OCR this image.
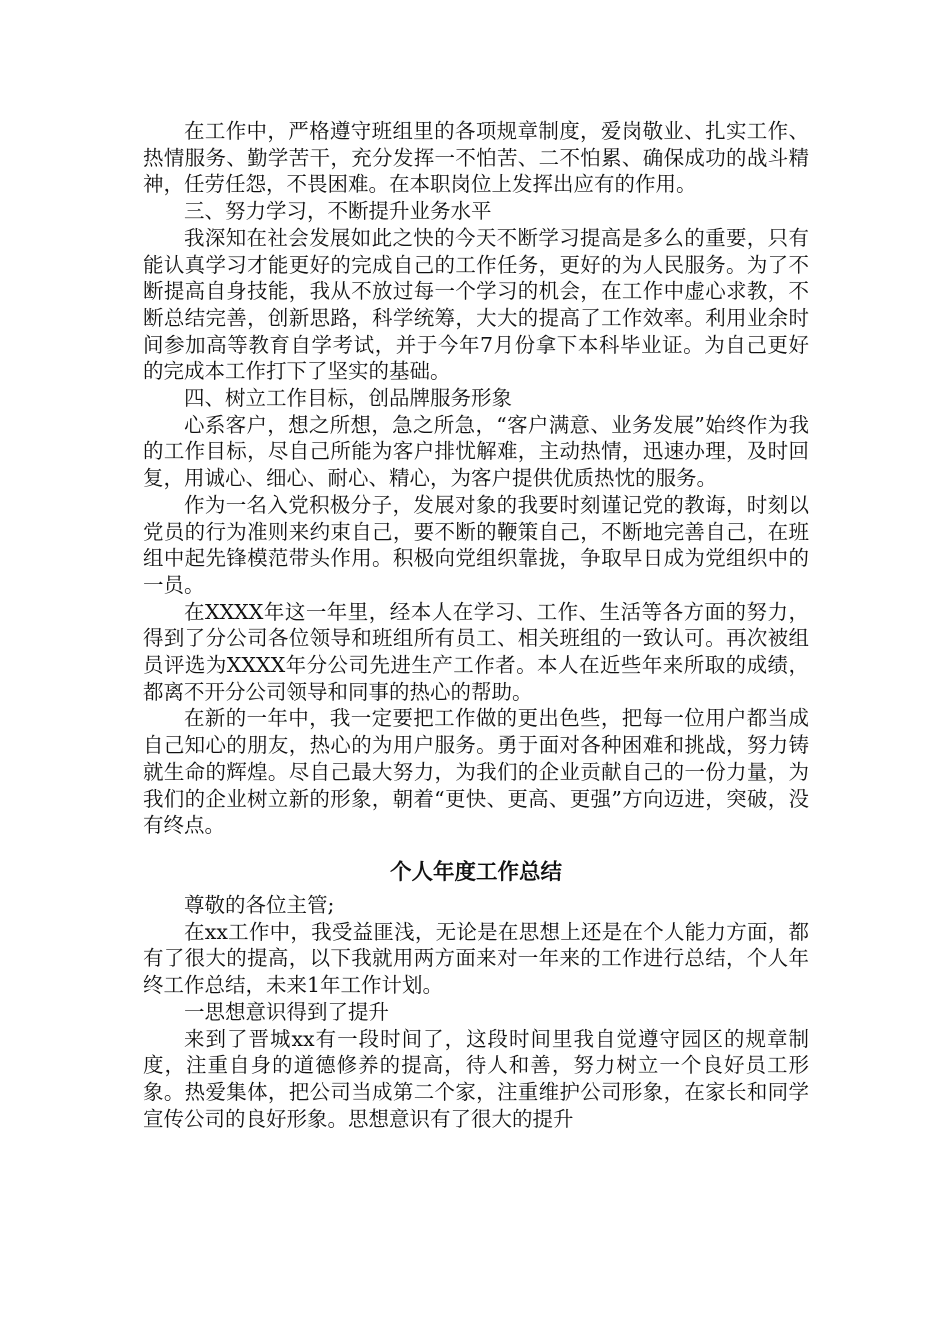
在工作中，严格遵守班组里的各项规章制度，爱岗敬业、扎实工作、热情服务、勤学苦干，充分发挥一不怕苦、二不怕累、确保成功的战斗精神，任劳任怨，不畏困难。在本职岗位上发挥出应有的作用。

三、努力学习，不断提升业务水平

我深知在社会发展如此之快的今天不断学习提高是多么的重要，只有能认真学习才能更好的完成自己的工作任务，更好的为人民服务。为了不断提高自身技能，我从不放过每一个学习的机会，在工作中虚心求教，不断总结完善，创新思路，科学统筹，大大的提高了工作效率。利用业余时间参加高等教育自学考试，并于今年7月份拿下本科毕业证。为自己更好的完成本工作打下了坚实的基础。

四、树立工作目标，创品牌服务形象

心系客户，想之所想，急之所急，“客户满意、业务发展”始终作为我的工作目标，尽自己所能为客户排忧解难，主动热情，迅速办理，及时回复，用诚心、细心、耐心、精心，为客户提供优质热忱的服务。

作为一名入党积极分子，发展对象的我要时刻谨记党的教诲，时刻以党员的行为准则来约束自己，要不断的鞭策自己，不断地完善自己，在班组中起先锋模范带头作用。积极向党组织靠拢，争取早日成为党组织中的一员。

在XXXX年这一年里，经本人在学习、工作、生活等各方面的努力，得到了分公司各位领导和班组所有员工、相关班组的一致认可。再次被组员评选为XXXX年分公司先进生产工作者。本人在近些年来所取的成绩，都离不开分公司领导和同事的热心的帮助。

在新的一年中，我一定要把工作做的更出色些，把每一位用户都当成自己知心的朋友，热心的为用户服务。勇于面对各种困难和挑战，努力铸就生命的辉煌。尽自己最大努力，为我们的企业贡献自己的一份力量，为我们的企业树立新的形象，朝着“更快、更高、更强”方向迈进，突破，没有终点。

个人年度工作总结

尊敬的各位主管;

在xx工作中，我受益匪浅，无论是在思想上还是在个人能力方面，都有了很大的提高，以下我就用两方面来对一年来的工作进行总结，个人年终工作总结，未来1年工作计划。

一思想意识得到了提升

来到了晋城xx有一段时间了，这段时间里我自觉遵守园区的规章制度，注重自身的道德修养的提高，待人和善，努力树立一个良好员工形象。热爱集体，把公司当成第二个家，注重维护公司形象，在家长和同学宣传公司的良好形象。思想意识有了很大的提升
